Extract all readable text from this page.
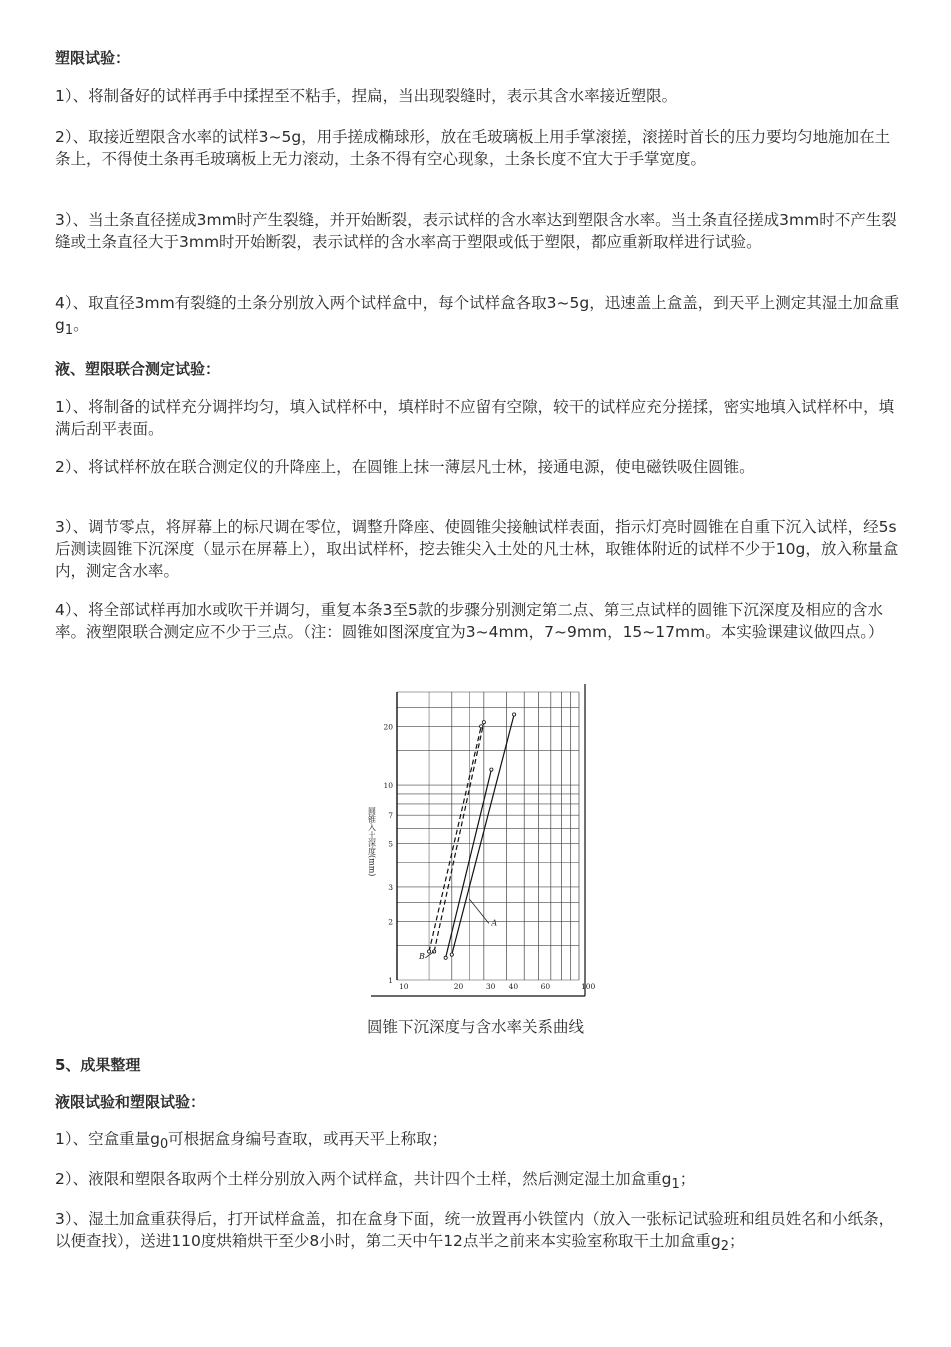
塑限试验：

1）、将制备好的试样再手中揉捏至不粘手，捏扁，当出现裂缝时，表示其含水率接近塑限。

2）、取接近塑限含水率的试样3~5g，用手搓成椭球形，放在毛玻璃板上用手掌滚搓，滚搓时首长的压力要均匀地施加在土条上，不得使土条再毛玻璃板上无力滚动，土条不得有空心现象，土条长度不宜大于手掌宽度。

3）、当土条直径搓成3mm时产生裂缝，并开始断裂，表示试样的含水率达到塑限含水率。当土条直径搓成3mm时不产生裂缝或土条直径大于3mm时开始断裂，表示试样的含水率高于塑限或低于塑限，都应重新取样进行试验。

4）、取直径3mm有裂缝的土条分别放入两个试样盒中，每个试样盒各取3~5g，迅速盖上盒盖，到天平上测定其湿土加盒重$g_1$。

液、塑限联合测定试验：

1）、将制备的试样充分调拌均匀，填入试样杯中，填样时不应留有空隙，较干的试样应充分搓揉，密实地填入试样杯中，填满后刮平表面。

2）、将试样杯放在联合测定仪的升降座上，在圆锥上抹一薄层凡士林，接通电源，使电磁铁吸住圆锥。

3）、调节零点，将屏幕上的标尺调在零位，调整升降座、使圆锥尖接触试样表面，指示灯亮时圆锥在自重下沉入试样，经5s后测读圆锥下沉深度（显示在屏幕上），取出试样杯，挖去锥尖入土处的凡士林，取锥体附近的试样不少于10g，放入称量盒内，测定含水率。

4）、将全部试样再加水或吹干并调匀，重复本条3至5款的步骤分别测定第二点、第三点试样的圆锥下沉深度及相应的含水率。液塑限联合测定应不少于三点。（注：圆锥如图深度宜为3~4mm，7~9mm，15~17mm。本实验课建议做四点。）

1
2
3
5
7
10
20
10	20	30 40	60	100
圆锥入土深度(mm)
A
B
圆锥下沉深度与含水率关系曲线

5、成果整理

液限试验和塑限试验：

1）、空盒重量$g_0$可根据盒身编号查取，或再天平上称取；

2）、液限和塑限各取两个土样分别放入两个试样盒，共计四个土样，然后测定湿土加盒重$g_1$；

3）、湿土加盒重获得后，打开试样盒盖，扣在盒身下面，统一放置再小铁筐内（放入一张标记试验班和组员姓名和小纸条，以便查找），送进110度烘箱烘干至少8小时，第二天中午12点半之前来本实验室称取干土加盒重$g_2$；
